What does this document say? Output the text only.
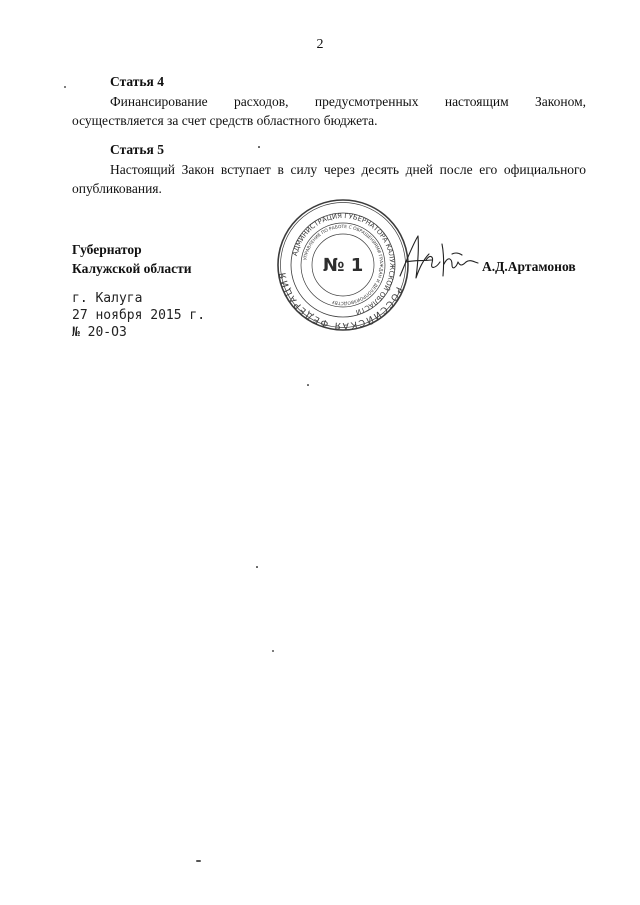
2
Статья 4
Финансирование расходов, предусмотренных настоящим Законом,

осуществляется за счет средств областного бюджета.

Статья 5

Настоящий Закон вступает в силу через десять дней после его официального

опубликования.

Губернатор
Калужской области
РОССИЙСКАЯ ФЕДЕРАЦИЯ
АДМИНИСТРАЦИЯ ГУБЕРНАТОРА КАЛУЖСКОЙ ОБЛАСТИ
УПРАВЛЕНИЕ ПО РАБОТЕ С ОБРАЩЕНИЯМИ ГРАЖДАН И ДЕЛОПРОИЗВОДСТВУ
№ 1	А.Д.Артамонов
г. Калуга
27 ноября 2015 г.
№ 20-ОЗ
